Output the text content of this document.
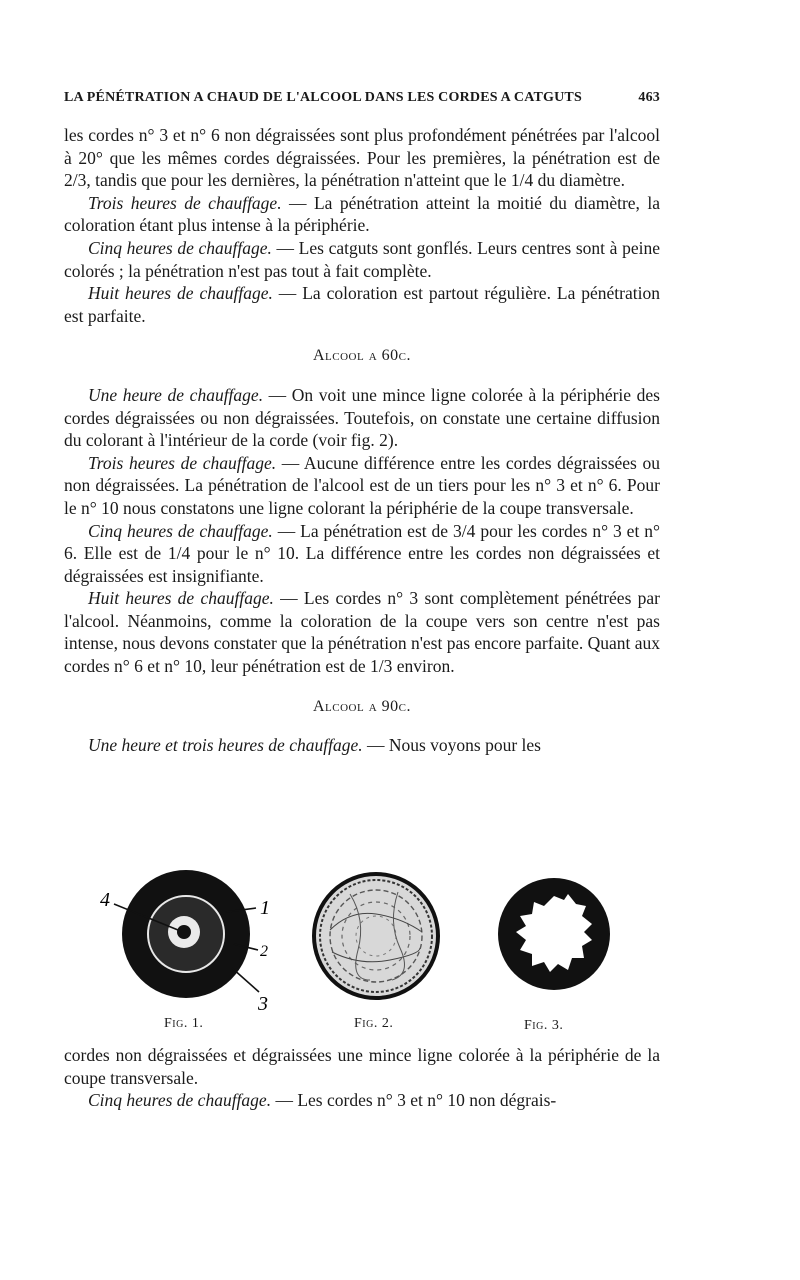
LA PÉNÉTRATION A CHAUD DE L'ALCOOL DANS LES CORDES A CATGUTS	463

les cordes n° 3 et n° 6 non dégraissées sont plus profondément pénétrées par l'alcool à 20° que les mêmes cordes dégraissées. Pour les premières, la pénétration est de 2/3, tandis que pour les dernières, la pénétration n'atteint que le 1/4 du diamètre.

Trois heures de chauffage. — La pénétration atteint la moitié du diamètre, la coloration étant plus intense à la périphérie.

Cinq heures de chauffage. — Les catguts sont gonflés. Leurs centres sont à peine colorés ; la pénétration n'est pas tout à fait complète.

Huit heures de chauffage. — La coloration est partout régulière. La pénétration est parfaite.

Alcool a 60c.

Une heure de chauffage. — On voit une mince ligne colorée à la périphérie des cordes dégraissées ou non dégraissées. Toutefois, on constate une certaine diffusion du colorant à l'intérieur de la corde (voir fig. 2).

Trois heures de chauffage. — Aucune différence entre les cordes dégraissées ou non dégraissées. La pénétration de l'alcool est de un tiers pour les n° 3 et n° 6. Pour le n° 10 nous constatons une ligne colorant la périphérie de la coupe transversale.

Cinq heures de chauffage. — La pénétration est de 3/4 pour les cordes n° 3 et n° 6. Elle est de 1/4 pour le n° 10. La différence entre les cordes non dégraissées et dégraissées est insignifiante.

Huit heures de chauffage. — Les cordes n° 3 sont complètement pénétrées par l'alcool. Néanmoins, comme la coloration de la coupe vers son centre n'est pas intense, nous devons constater que la pénétration n'est pas encore parfaite. Quant aux cordes n° 6 et n° 10, leur pénétration est de 1/3 environ.

Alcool a 90c.

Une heure et trois heures de chauffage. — Nous voyons pour les

4	1
2
3
Fig. 1.	Fig. 2.	Fig. 3.

cordes non dégraissées et dégraissées une mince ligne colorée à la périphérie de la coupe transversale.

Cinq heures de chauffage. — Les cordes n° 3 et n° 10 non dégrais-
